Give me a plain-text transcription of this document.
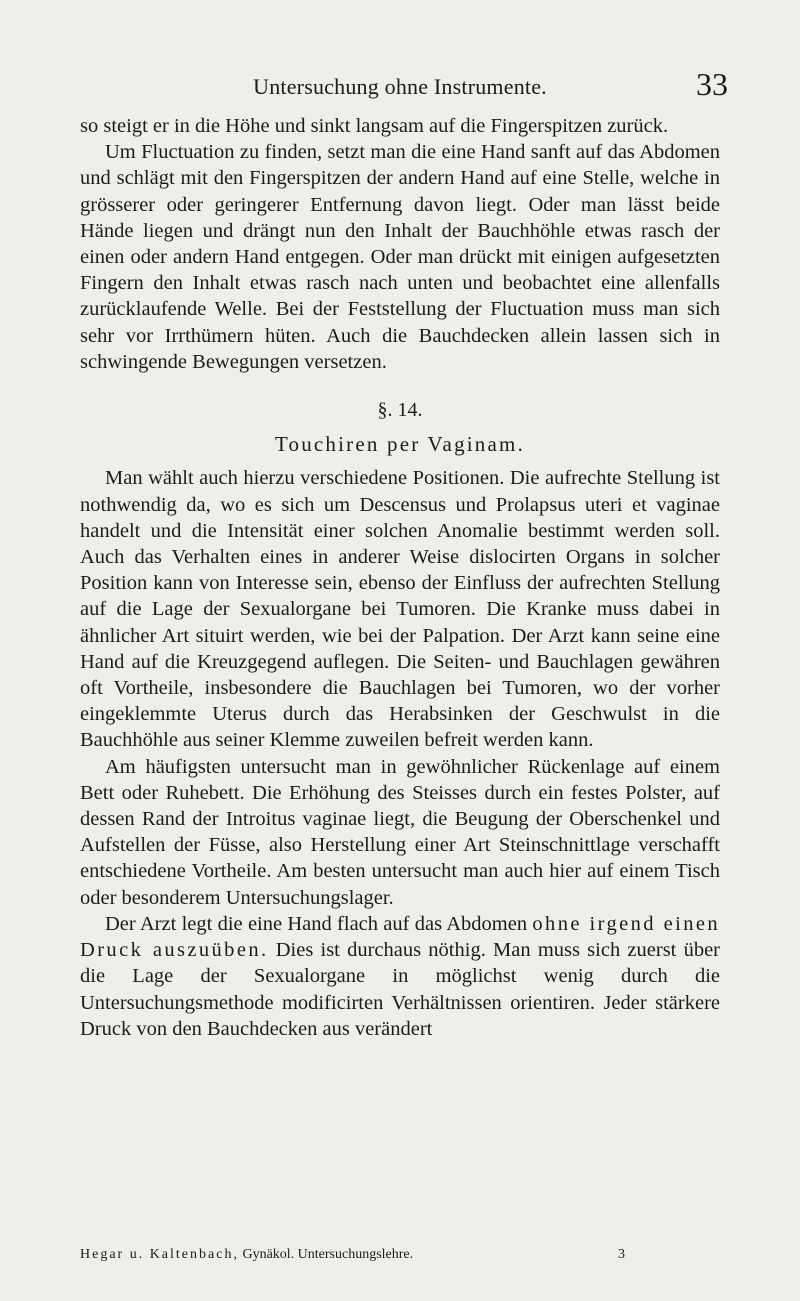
Untersuchung ohne Instrumente.	33

so steigt er in die Höhe und sinkt langsam auf die Fingerspitzen zurück.

Um Fluctuation zu finden, setzt man die eine Hand sanft auf das Abdomen und schlägt mit den Fingerspitzen der andern Hand auf eine Stelle, welche in grösserer oder geringerer Entfernung davon liegt. Oder man lässt beide Hände liegen und drängt nun den Inhalt der Bauchhöhle etwas rasch der einen oder andern Hand entgegen. Oder man drückt mit einigen aufgesetzten Fingern den Inhalt etwas rasch nach unten und beobachtet eine allenfalls zurücklaufende Welle. Bei der Feststellung der Fluctuation muss man sich sehr vor Irrthümern hüten. Auch die Bauchdecken allein lassen sich in schwingende Bewegungen versetzen.

§. 14.

Touchiren per Vaginam.

Man wählt auch hierzu verschiedene Positionen. Die aufrechte Stellung ist nothwendig da, wo es sich um Descensus und Prolapsus uteri et vaginae handelt und die Intensität einer solchen Anomalie bestimmt werden soll. Auch das Verhalten eines in anderer Weise dislocirten Organs in solcher Position kann von Interesse sein, ebenso der Einfluss der aufrechten Stellung auf die Lage der Sexualorgane bei Tumoren. Die Kranke muss dabei in ähnlicher Art situirt werden, wie bei der Palpation. Der Arzt kann seine eine Hand auf die Kreuzgegend auflegen. Die Seiten- und Bauchlagen gewähren oft Vortheile, insbesondere die Bauchlagen bei Tumoren, wo der vorher eingeklemmte Uterus durch das Herabsinken der Geschwulst in die Bauchhöhle aus seiner Klemme zuweilen befreit werden kann.

Am häufigsten untersucht man in gewöhnlicher Rückenlage auf einem Bett oder Ruhebett. Die Erhöhung des Steisses durch ein festes Polster, auf dessen Rand der Introitus vaginae liegt, die Beugung der Oberschenkel und Aufstellen der Füsse, also Herstellung einer Art Steinschnittlage verschafft entschiedene Vortheile. Am besten untersucht man auch hier auf einem Tisch oder besonderem Untersuchungslager.

Der Arzt legt die eine Hand flach auf das Abdomen ohne irgend einen Druck auszuüben. Dies ist durchaus nöthig. Man muss sich zuerst über die Lage der Sexualorgane in möglichst wenig durch die Untersuchungsmethode modificirten Verhältnissen orientiren. Jeder stärkere Druck von den Bauchdecken aus verändert

Hegar u. Kaltenbach, Gynäkol. Untersuchungslehre.	3
